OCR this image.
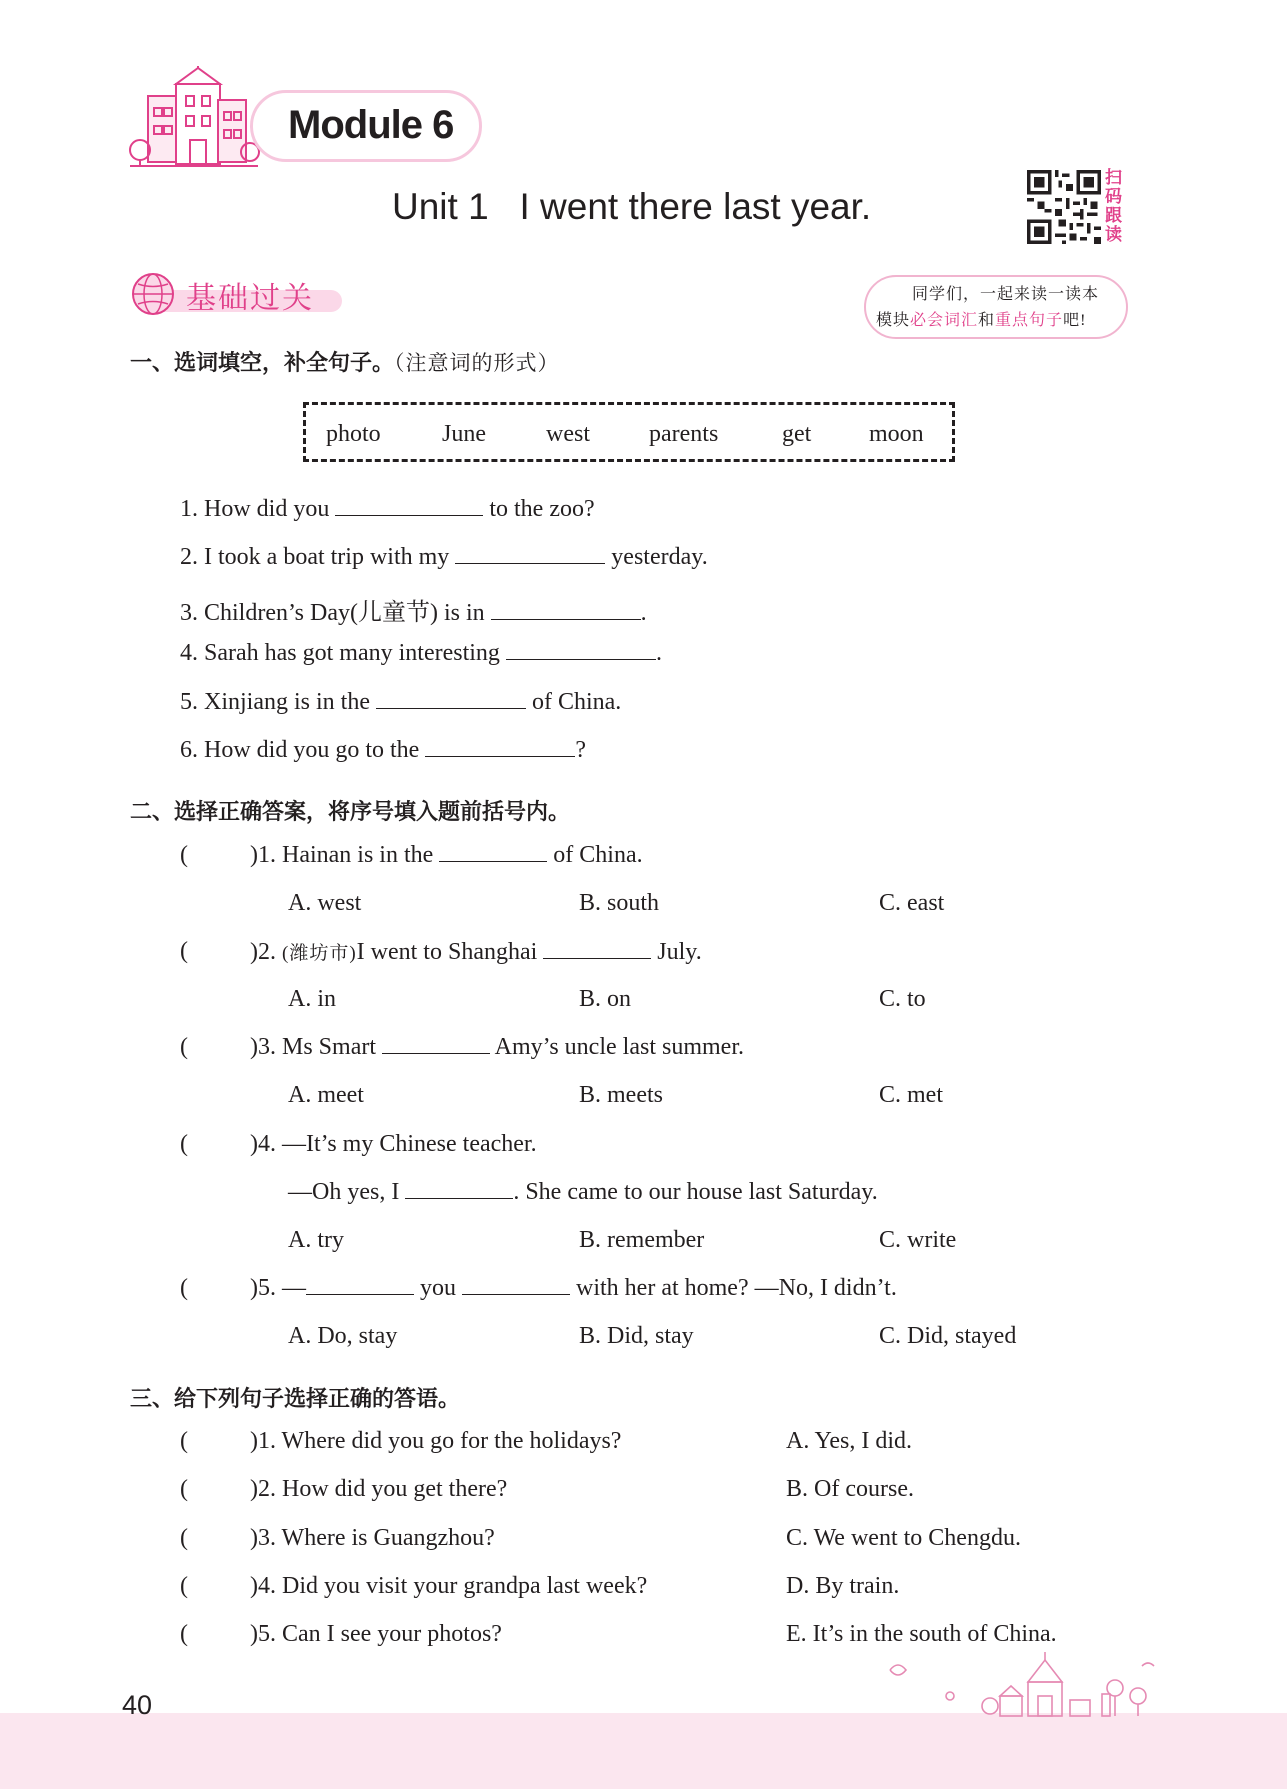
Module 6
Unit 1   I went there last year.
扫
码
跟
读
基础过关	同学们，一起来读一读本
模块必会词汇和重点句子吧!
一、选词填空，补全句子。（注意词的形式）
photo	June	west parents	get moon
1. How did you	to the zoo?
2. I took a boat trip with my	yesterday.
3. Children’s Day(儿童节) is in	.
4. Sarah has got many interesting	.
5. Xinjiang is in the	of China.
6. How did you go to the	?
二、选择正确答案，将序号填入题前括号内。
(	)1. Hainan is in the	of China.
A. west	B. south	C. east
(	)2. (潍坊市)I went to Shanghai	July.
A. in	B. on	C. to
(	)3. Ms Smart	Amy’s uncle last summer.
A. meet	B. meets	C. met
(	)4. —It’s my Chinese teacher.
—Oh yes, I	. She came to our house last Saturday.
A. try	B. remember	C. write
(	)5. —	you	with her at home? —No, I didn’t.
A. Do, stay	B. Did, stay	C. Did, stayed
三、给下列句子选择正确的答语。
(	)1. Where did you go for the holidays?	A. Yes, I did.
(	)2. How did you get there?	B. Of course.
(	)3. Where is Guangzhou?	C. We went to Chengdu.
(	)4. Did you visit your grandpa last week?	D. By train.
(	)5. Can I see your photos?	E. It’s in the south of China.
40
